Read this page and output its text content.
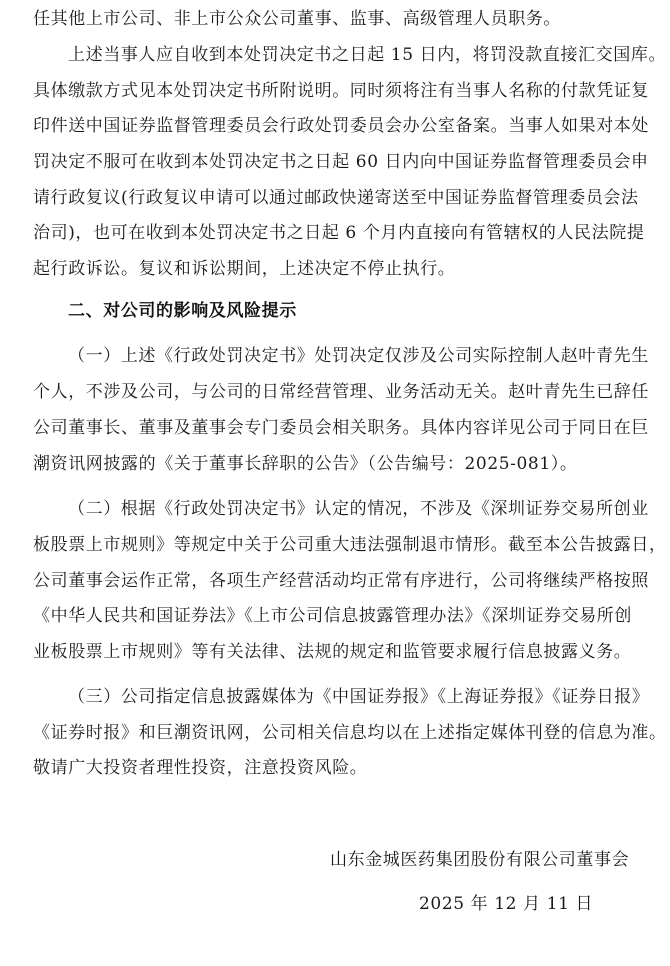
任其他上市公司、非上市公众公司董事、监事、高级管理人员职务。
上述当事人应自收到本处罚决定书之日起 15 日内，将罚没款直接汇交国库。
具体缴款方式见本处罚决定书所附说明。同时须将注有当事人名称的付款凭证复
印件送中国证券监督管理委员会行政处罚委员会办公室备案。当事人如果对本处
罚决定不服可在收到本处罚决定书之日起 60 日内向中国证券监督管理委员会申
请行政复议(行政复议申请可以通过邮政快递寄送至中国证券监督管理委员会法
治司)，也可在收到本处罚决定书之日起 6 个月内直接向有管辖权的人民法院提
起行政诉讼。复议和诉讼期间，上述决定不停止执行。
二、对公司的影响及风险提示
（一）上述《行政处罚决定书》处罚决定仅涉及公司实际控制人赵叶青先生
个人，不涉及公司，与公司的日常经营管理、业务活动无关。赵叶青先生已辞任
公司董事长、董事及董事会专门委员会相关职务。具体内容详见公司于同日在巨
潮资讯网披露的《关于董事长辞职的公告》（公告编号：2025-081）。
（二）根据《行政处罚决定书》认定的情况，不涉及《深圳证券交易所创业
板股票上市规则》等规定中关于公司重大违法强制退市情形。截至本公告披露日，
公司董事会运作正常，各项生产经营活动均正常有序进行，公司将继续严格按照
《中华人民共和国证券法》《上市公司信息披露管理办法》《深圳证券交易所创
业板股票上市规则》等有关法律、法规的规定和监管要求履行信息披露义务。
（三）公司指定信息披露媒体为《中国证券报》《上海证券报》《证券日报》
《证券时报》和巨潮资讯网，公司相关信息均以在上述指定媒体刊登的信息为准。
敬请广大投资者理性投资，注意投资风险。
山东金城医药集团股份有限公司董事会
2025 年 12 月 11 日
